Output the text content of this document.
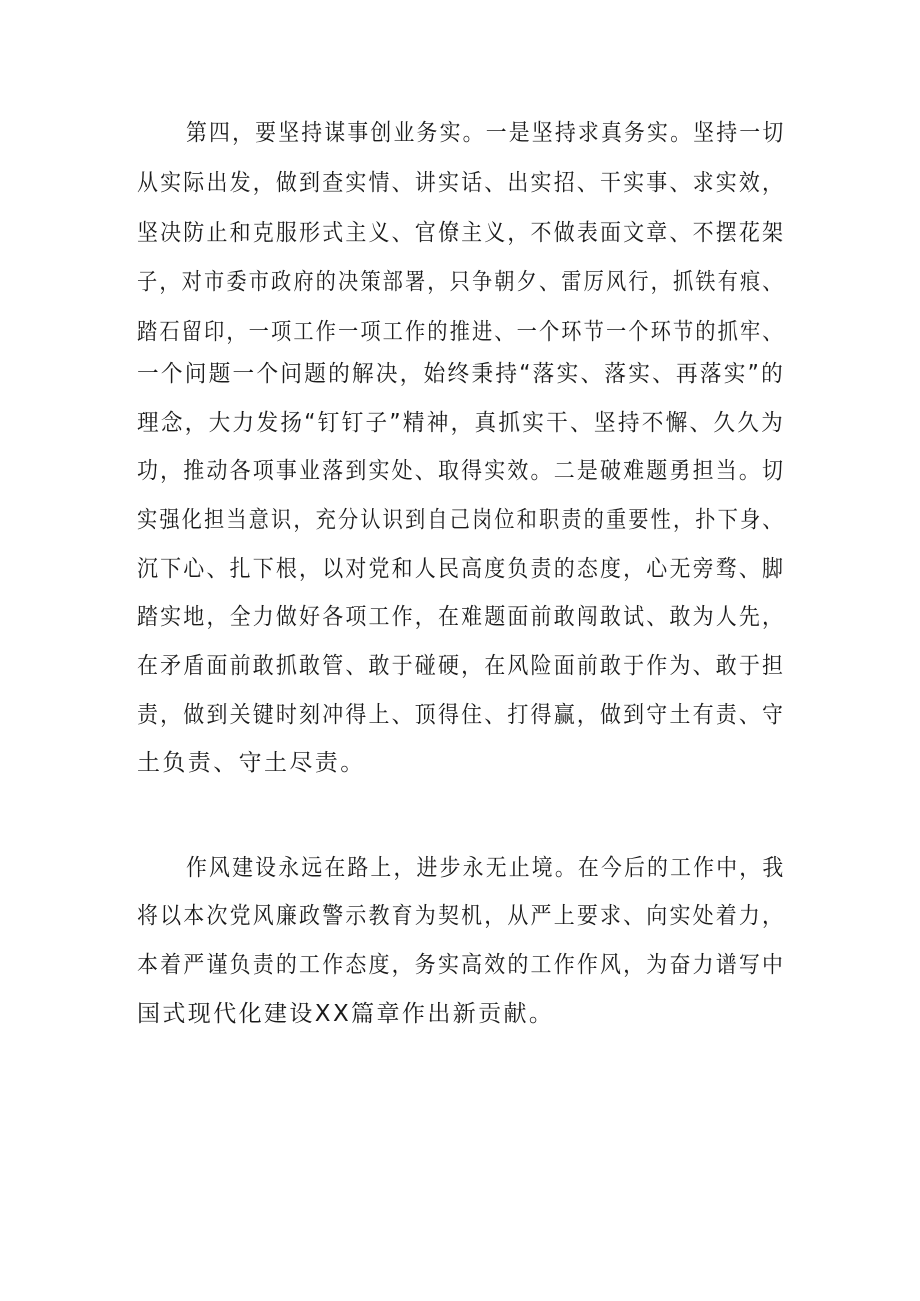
第四，要坚持谋事创业务实。一是坚持求真务实。坚持一切
从实际出发，做到查实情、讲实话、出实招、干实事、求实效，
坚决防止和克服形式主义、官僚主义，不做表面文章、不摆花架
子，对市委市政府的决策部署，只争朝夕、雷厉风行，抓铁有痕、
踏石留印，一项工作一项工作的推进、一个环节一个环节的抓牢、
一个问题一个问题的解决，始终秉持“落实、落实、再落实”的
理念，大力发扬“钉钉子”精神，真抓实干、坚持不懈、久久为
功，推动各项事业落到实处、取得实效。二是破难题勇担当。切
实强化担当意识，充分认识到自己岗位和职责的重要性，扑下身、
沉下心、扎下根，以对党和人民高度负责的态度，心无旁骛、脚
踏实地，全力做好各项工作，在难题面前敢闯敢试、敢为人先，
在矛盾面前敢抓敢管、敢于碰硬，在风险面前敢于作为、敢于担
责，做到关键时刻冲得上、顶得住、打得赢，做到守土有责、守
土负责、守土尽责。
作风建设永远在路上，进步永无止境。在今后的工作中，我
将以本次党风廉政警示教育为契机，从严上要求、向实处着力，
本着严谨负责的工作态度，务实高效的工作作风，为奋力谱写中
国式现代化建设XX篇章作出新贡献。
